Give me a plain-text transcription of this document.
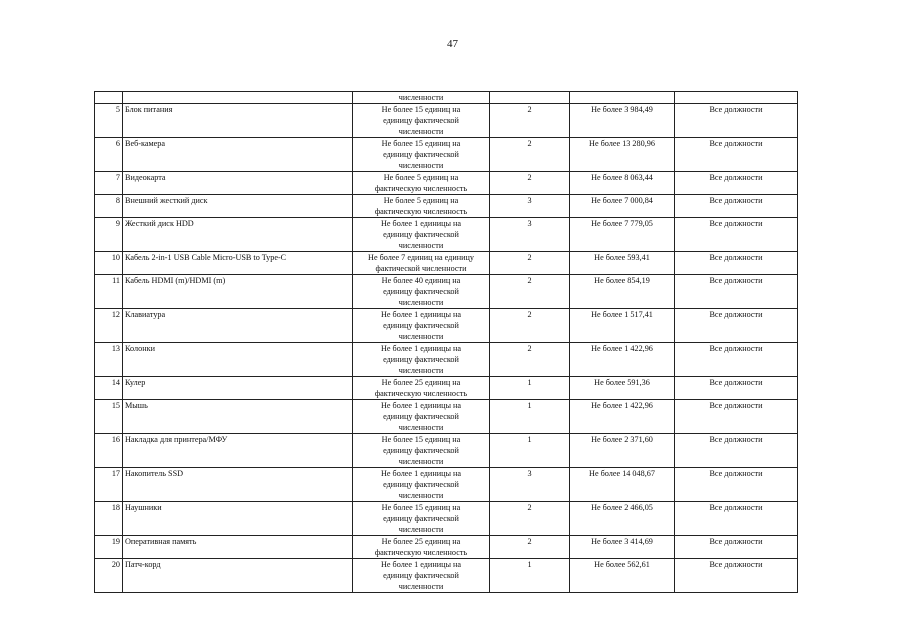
47

		численности			

5	Блок питания	Не более 15 единиц на
единицу фактической
численности	2	Не более 3 984,49	Все должности
6	Веб-камера	Не более 15 единиц на
единицу фактической
численности	2	Не более 13 280,96	Все должности
7	Видеокарта	Не более 5 единиц на
фактическую численность	2	Не более 8 063,44	Все должности
8	Внешний жесткий диск	Не более 5 единиц на
фактическую численность	3	Не более 7 000,84	Все должности
9	Жесткий диск HDD	Не более 1 единицы на
единицу фактической
численности	3	Не более 7 779,05	Все должности
10	Кабель 2-in-1 USB Cable Micro-USB to Type-C	Не более 7 единиц на единицу
фактической численности	2	Не более 593,41	Все должности
11	Кабель HDMI (m)/HDMI (m)	Не более 40 единиц на
единицу фактической
численности	2	Не более 854,19	Все должности
12	Клавиатура	Не более 1 единицы на
единицу фактической
численности	2	Не более 1 517,41	Все должности
13	Колонки	Не более 1 единицы на
единицу фактической
численности	2	Не более 1 422,96	Все должности
14	Кулер	Не более 25 единиц на
фактическую численность	1	Не более 591,36	Все должности
15	Мышь	Не более 1 единицы на
единицу фактической
численности	1	Не более 1 422,96	Все должности
16	Накладка для принтера/МФУ	Не более 15 единиц на
единицу фактической
численности	1	Не более 2 371,60	Все должности
17	Накопитель SSD	Не более 1 единицы на
единицу фактической
численности	3	Не более 14 048,67	Все должности
18	Наушники	Не более 15 единиц на
единицу фактической
численности	2	Не более 2 466,05	Все должности
19	Оперативная память	Не более 25 единиц на
фактическую численность	2	Не более 3 414,69	Все должности
20	Патч-корд	Не более 1 единицы на
единицу фактической
численности	1	Не более 562,61	Все должности
